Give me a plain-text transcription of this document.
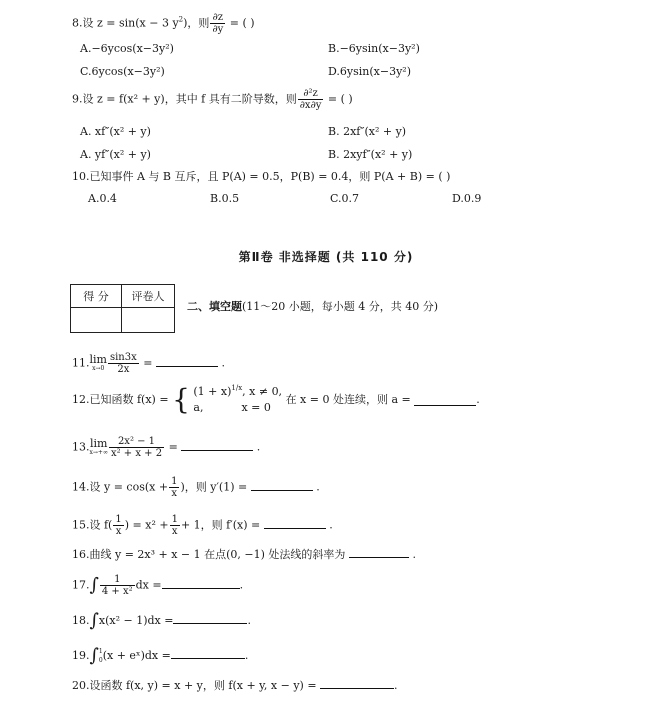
8.设 z = sin(x − 3 $y^2$)，则 $\frac{\partial z}{\partial y}$ = ( )
A.−6ycos(x−3y²)	B.−6ysin(x−3y²)
C.6ycos(x−3y²)	D.6ysin(x−3y²)
9.设 z = f(x² + y)，其中 f 具有二阶导数，则 $\frac{\text{∂²z}}{\partial x\partial y}$ = ( )
A. xf″(x² + y)	B. 2xf″(x² + y)
A. yf″(x² + y)	B. 2xyf″(x² + y)
10.已知事件 A 与 B 互斥，且 P(A) = 0.5，P(B) = 0.4，则 P(A + B) = ( )
A.0.4	B.0.5	C.0.7	D.0.9
第Ⅱ卷 非选择题 (共 110 分)
得 分	评卷人

二、填空题(11～20 小题，每小题 4 分，共 40 分)
11. lim
$x\to 0 \frac{\sin 3x}{2x}$ =	.
12.已知函数 f(x) = { $(1 + x)^{1/x}$, x ≠ 0,
a,	x = 0
在 x = 0 处连续，则 a =	.
13. lim
$x\to+\infty \frac{\text{2x² − 1}}{\text{x² + x + 2}}$ =	.
14.设 $y = \cos(x + \frac{1}{x}$ )，则 y′(1) =	.
15.设 $f( \frac{1}{x}$ ) = $x^2 + \frac{1}{x} + 1$，则 f′(x) =	.
16.曲线 y = 2x³ + x − 1 在点(0, −1) 处法线的斜率为	.
$17.\int \frac{1}{\text{4 + x²}}$ dx =	.
18.∫x(x² − 1)dx =	.
19.∫ 1
0 (x + eˣ)dx =	.
20.设函数 f(x, y) = x + y，则 f(x + y, x − y) =	.
